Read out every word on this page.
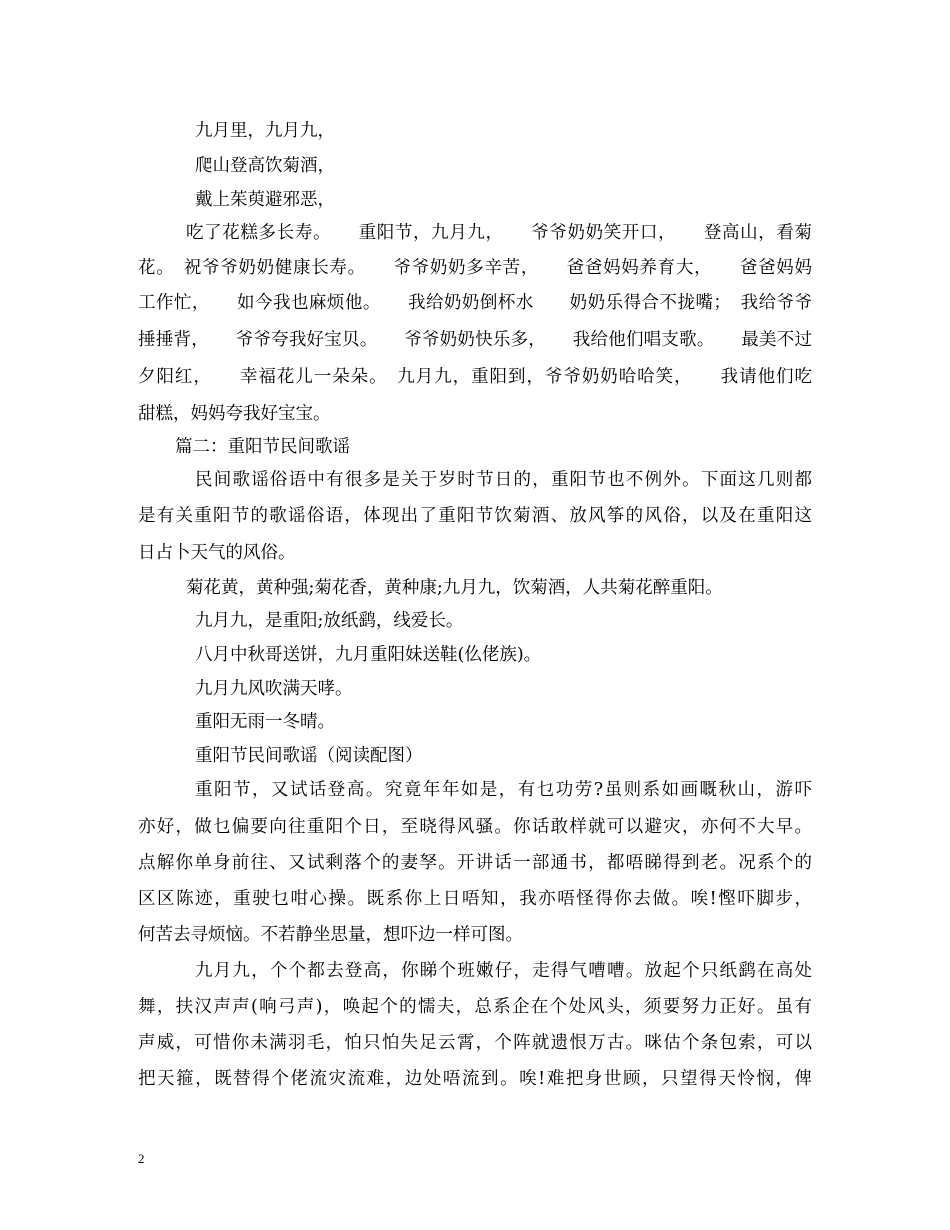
九月里，九月九，
爬山登高饮菊酒，
戴上茱萸避邪恶，
吃了花糕多长寿。　　重阳节，九月九，　　爷爷奶奶笑开口，　　登高山，看菊
花。　祝爷爷奶奶健康长寿。　　爷爷奶奶多辛苦，　　爸爸妈妈养育大，　　爸爸妈妈
工作忙，　　如今我也麻烦他。　　我给奶奶倒杯水　　奶奶乐得合不拢嘴；　我给爷爷
捶捶背，　　爷爷夸我好宝贝。　　爷爷奶奶快乐多，　　我给他们唱支歌。　　最美不过
夕阳红，　　幸福花儿一朵朵。　九月九，重阳到，爷爷奶奶哈哈笑，　　我请他们吃
甜糕，妈妈夸我好宝宝。
篇二：重阳节民间歌谣
民间歌谣俗语中有很多是关于岁时节日的，重阳节也不例外。下面这几则都
是有关重阳节的歌谣俗语，体现出了重阳节饮菊酒、放风筝的风俗，以及在重阳这
日占卜天气的风俗。
菊花黄，黄种强;菊花香，黄种康;九月九，饮菊酒，人共菊花醉重阳。
九月九，是重阳;放纸鹞，线爱长。
八月中秋哥送饼，九月重阳妹送鞋(仫佬族)。
九月九风吹满天哮。
重阳无雨一冬晴。
重阳节民间歌谣（阅读配图）
重阳节，又试话登高。究竟年年如是，有乜功劳?虽则系如画嘅秋山，游吓
亦好，做乜偏要向往重阳个日，至晓得风骚。你话敢样就可以避灾，亦何不大早。
点解你单身前往、又试剩落个的妻孥。开讲话一部通书，都唔睇得到老。况系个的
区区陈迹，重驶乜咁心操。既系你上日唔知，我亦唔怪得你去做。唉!慳吓脚步，
何苦去寻烦恼。不若静坐思量，想吓边一样可图。
九月九，个个都去登高，你睇个班嫩仔，走得气嘈嘈。放起个只纸鹞在高处
舞，扶汉声声(响弓声)，唤起个的懦夫，总系企在个处风头，须要努力正好。虽有
声威，可惜你未满羽毛，怕只怕失足云霄，个阵就遗恨万古。咪估个条包索，可以
把天箍，既替得个佬流灾流难，边处唔流到。唉!难把身世顾，只望得天怜悯，俾
2
